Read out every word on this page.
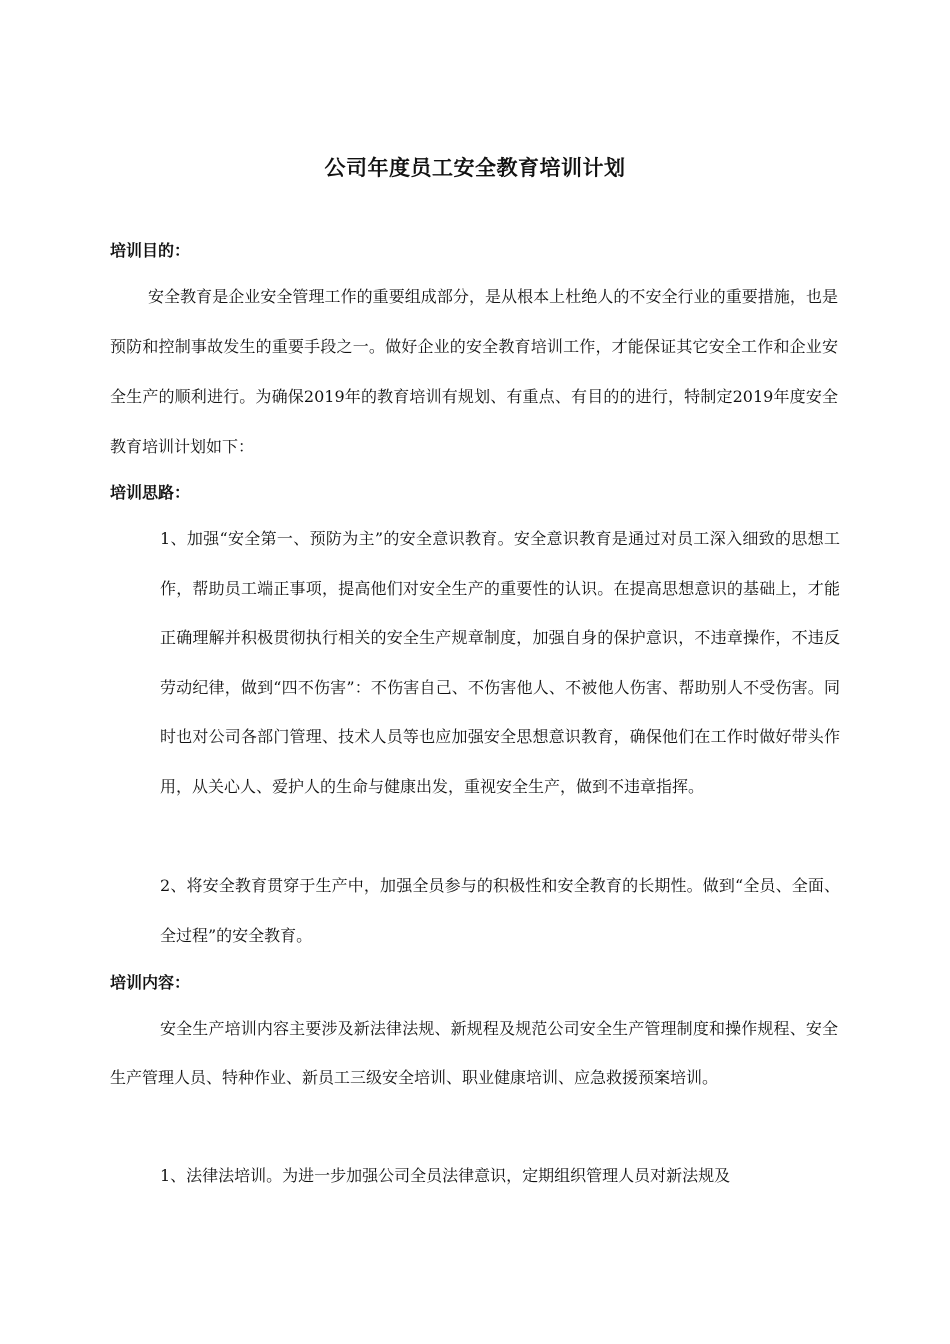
公司年度员工安全教育培训计划
培训目的：

安全教育是企业安全管理工作的重要组成部分，是从根本上杜绝人的不安全行业的重要措施，也是预防和控制事故发生的重要手段之一。做好企业的安全教育培训工作，才能保证其它安全工作和企业安全生产的顺利进行。为确保2019年的教育培训有规划、有重点、有目的的进行，特制定2019年度安全教育培训计划如下：

培训思路：

1、加强“安全第一、预防为主”的安全意识教育。安全意识教育是通过对员工深入细致的思想工作，帮助员工端正事项，提高他们对安全生产的重要性的认识。在提高思想意识的基础上，才能正确理解并积极贯彻执行相关的安全生产规章制度，加强自身的保护意识，不违章操作，不违反劳动纪律，做到“四不伤害”：不伤害自己、不伤害他人、不被他人伤害、帮助别人不受伤害。同时也对公司各部门管理、技术人员等也应加强安全思想意识教育，确保他们在工作时做好带头作用，从关心人、爱护人的生命与健康出发，重视安全生产，做到不违章指挥。

2、将安全教育贯穿于生产中，加强全员参与的积极性和安全教育的长期性。做到“全员、全面、全过程”的安全教育。

培训内容：

安全生产培训内容主要涉及新法律法规、新规程及规范公司安全生产管理制度和操作规程、安全生产管理人员、特种作业、新员工三级安全培训、职业健康培训、应急救援预案培训。

1、法律法培训。为进一步加强公司全员法律意识，定期组织管理人员对新法规及
